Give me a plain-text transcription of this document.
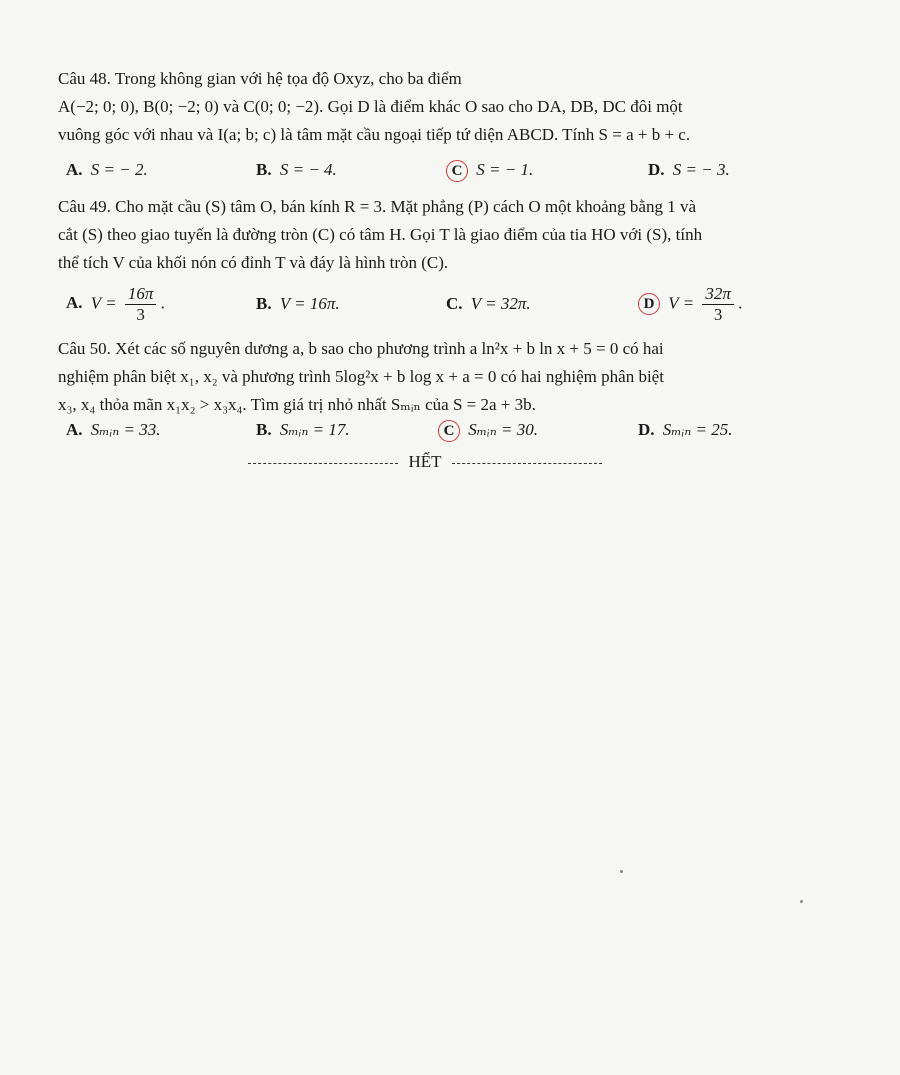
Câu 48. Trong không gian với hệ tọa độ Oxyz, cho ba điểm
A(−2; 0; 0), B(0; −2; 0) và C(0; 0; −2). Gọi D là điểm khác O sao cho DA, DB, DC đôi một
vuông góc với nhau và I(a; b; c) là tâm mặt cầu ngoại tiếp tứ diện ABCD. Tính S = a + b + c.
A. S = − 2.	B. S = − 4.	C S = − 1.	D. S = − 3.
Câu 49. Cho mặt cầu (S) tâm O, bán kính R = 3. Mặt phẳng (P) cách O một khoảng bằng 1 và
cắt (S) theo giao tuyến là đường tròn (C) có tâm H. Gọi T là giao điểm của tia HO với (S), tính
thể tích V của khối nón có đỉnh T và đáy là hình tròn (C).
A. $V = \frac{16\pi}{3}$ .	B. V = 16π.	C. V = 32π.	D $V = \frac{32\pi}{3}$ .
Câu 50. Xét các số nguyên dương a, b sao cho phương trình a ln²x + b ln x + 5 = 0 có hai
nghiệm phân biệt x₁, x₂ và phương trình 5log²x + b log x + a = 0 có hai nghiệm phân biệt
x₃, x₄ thỏa mãn x₁x₂ > x₃x₄. Tìm giá trị nhỏ nhất Sₘᵢₙ của S = 2a + 3b.
A. Sₘᵢₙ = 33.	B. Sₘᵢₙ = 17.	C Sₘᵢₙ = 30.	D. Sₘᵢₙ = 25.
HẾT
